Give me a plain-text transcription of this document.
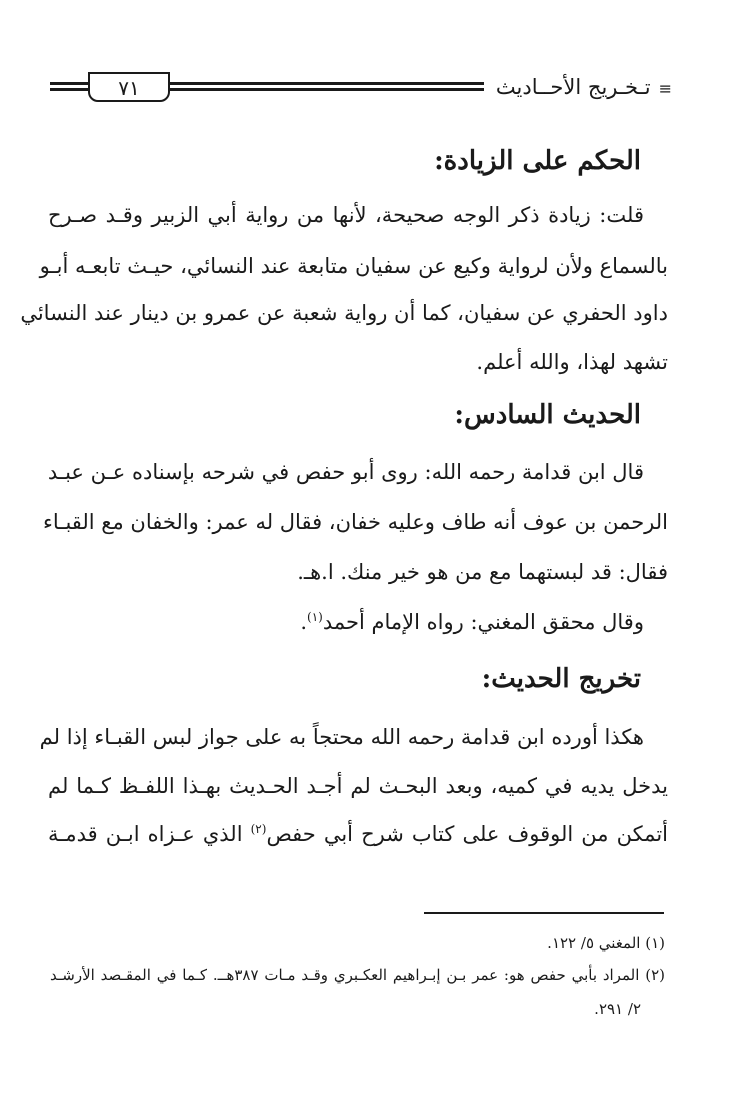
٧١	≡تـخـريج الأحــاديث
الحكم على الزيادة:
قلت: زيادة ذكر الوجه صحيحة، لأنها من رواية أبي الزبير وقـد صـرح
بالسماع ولأن لرواية وكيع عن سفيان متابعة عند النسائي، حيـث تابعـه أبـو
داود الحفري عن سفيان، كما أن رواية شعبة عن عمرو بن دينار عند النسائي
تشهد لهذا، والله أعلم.
الحديث السادس:
قال ابن قدامة رحمه الله: روى أبو حفص في شرحه بإسناده عـن عبـد
الرحمن بن عوف أنه طاف وعليه خفان، فقال له عمر: والخفان مع القبـاء
فقال: قد لبستهما مع من هو خير منك. ا.هـ.
وقال محقق المغني: رواه الإمام أحمد$^{(١)}$.
تخريج الحديث:
هكذا أورده ابن قدامة رحمه الله محتجاً به على جواز لبس القبـاء إذا لم
يدخل يديه في كميه، وبعد البحـث لم أجـد الحـديث بهـذا اللفـظ كـما لم
أتمكن من الوقوف على كتاب شرح أبي حفص$^{(٢)}$ الذي عـزاه ابـن قدمـة
(١) المغني ٥/ ١٢٢.
(٢) المراد بأبي حفص هو: عمر بـن إبـراهيم العكـبري وقـد مـات ٣٨٧هــ. كـما في المقـصد الأرشـد
٢/ ٢٩١.
